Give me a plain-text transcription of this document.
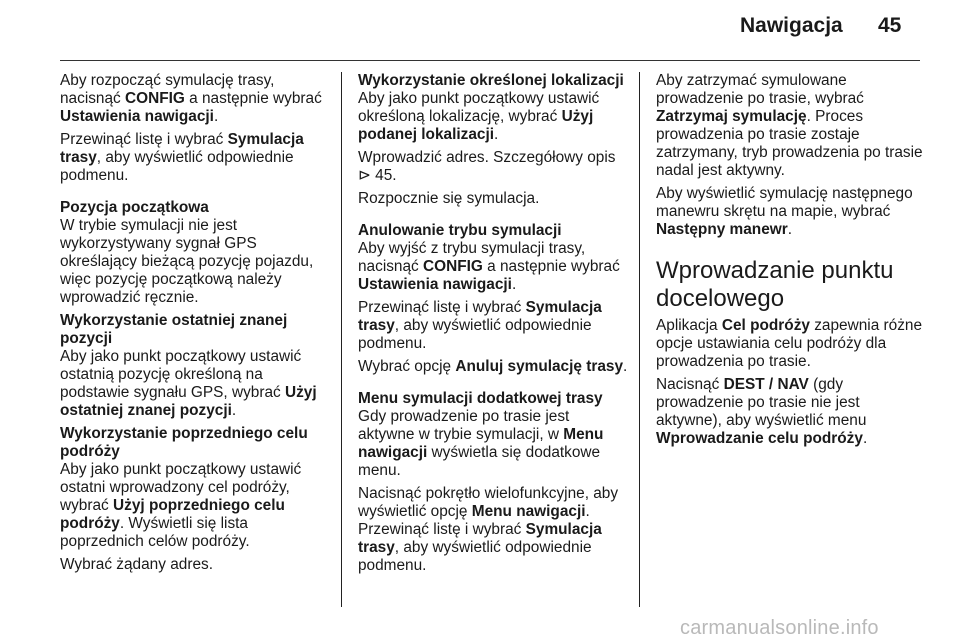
Nawigacja 45

Aby rozpocząć symulację trasy, nacisnąć CONFIG a następnie wybrać Ustawienia nawigacji.

Przewinąć listę i wybrać Symulacja trasy, aby wyświetlić odpowiednie podmenu.

Pozycja początkowa

W trybie symulacji nie jest wykorzystywany sygnał GPS określający bieżącą pozycję pojazdu, więc pozycję początkową należy wprowadzić ręcznie.

Wykorzystanie ostatniej znanej pozycji

Aby jako punkt początkowy ustawić ostatnią pozycję określoną na podstawie sygnału GPS, wybrać Użyj ostatniej znanej pozycji.

Wykorzystanie poprzedniego celu podróży

Aby jako punkt początkowy ustawić ostatni wprowadzony cel podróży, wybrać Użyj poprzedniego celu podróży. Wyświetli się lista poprzednich celów podróży.

Wybrać żądany adres.

Wykorzystanie określonej lokalizacji

Aby jako punkt początkowy ustawić określoną lokalizację, wybrać Użyj podanej lokalizacji.

Wprowadzić adres. Szczegółowy opis ⊳ 45.

Rozpocznie się symulacja.

Anulowanie trybu symulacji

Aby wyjść z trybu symulacji trasy, nacisnąć CONFIG a następnie wybrać Ustawienia nawigacji.

Przewinąć listę i wybrać Symulacja trasy, aby wyświetlić odpowiednie podmenu.

Wybrać opcję Anuluj symulację trasy.

Menu symulacji dodatkowej trasy

Gdy prowadzenie po trasie jest aktywne w trybie symulacji, w Menu nawigacji wyświetla się dodatkowe menu.

Nacisnąć pokrętło wielofunkcyjne, aby wyświetlić opcję Menu nawigacji. Przewinąć listę i wybrać Symulacja trasy, aby wyświetlić odpowiednie podmenu.

Aby zatrzymać symulowane prowadzenie po trasie, wybrać Zatrzymaj symulację. Proces prowadzenia po trasie zostaje zatrzymany, tryb prowadzenia po trasie nadal jest aktywny.

Aby wyświetlić symulację następnego manewru skrętu na mapie, wybrać Następny manewr.

Wprowadzanie punktu docelowego

Aplikacja Cel podróży zapewnia różne opcje ustawiania celu podróży dla prowadzenia po trasie.

Nacisnąć DEST / NAV (gdy prowadzenie po trasie nie jest aktywne), aby wyświetlić menu Wprowadzanie celu podróży.

carmanualsonline.info
